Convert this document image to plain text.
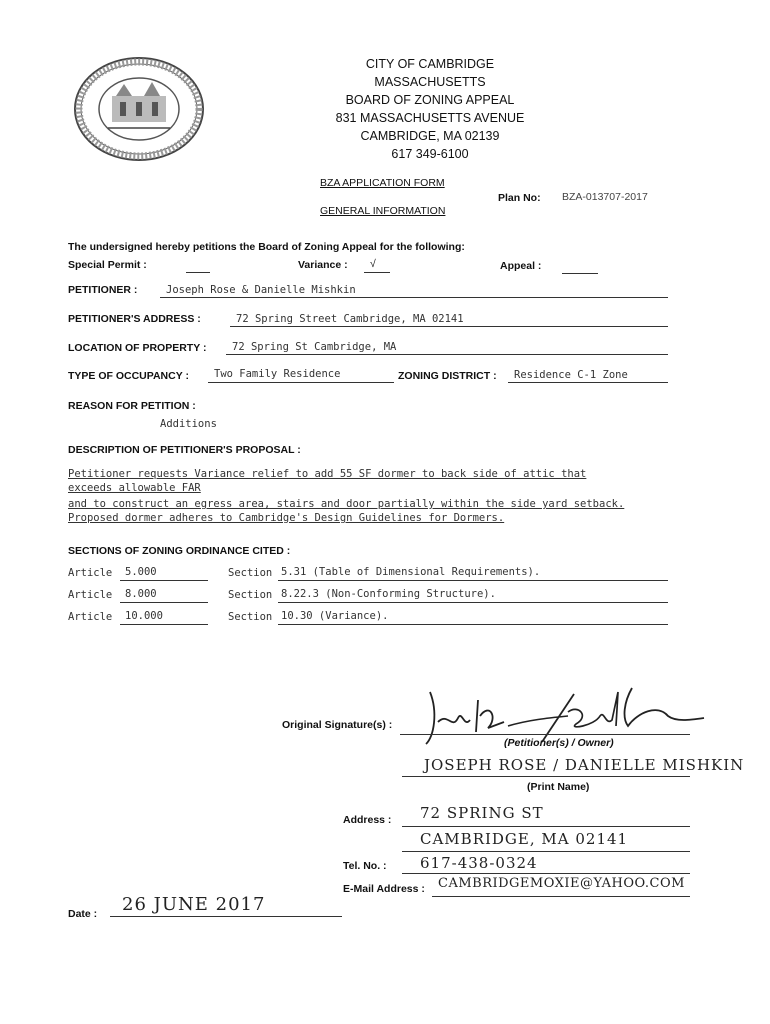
CITY OF CAMBRIDGE
MASSACHUSETTS
BOARD OF ZONING APPEAL
831 MASSACHUSETTS AVENUE
CAMBRIDGE, MA 02139
617 349-6100
BZA APPLICATION FORM
Plan No: BZA-013707-2017
GENERAL INFORMATION
The undersigned hereby petitions the Board of Zoning Appeal for the following:
Special Permit :	Variance : √	Appeal :
PETITIONER :	Joseph Rose & Danielle Mishkin
PETITIONER'S ADDRESS :	72 Spring Street Cambridge, MA 02141
LOCATION OF PROPERTY : 72 Spring St Cambridge, MA
TYPE OF OCCUPANCY : Two Family Residence	ZONING DISTRICT : Residence C-1 Zone
REASON FOR PETITION :
Additions
DESCRIPTION OF PETITIONER'S PROPOSAL :
Petitioner requests Variance relief to add 55 SF dormer to back side of attic that
exceeds allowable FAR
and to construct an egress area, stairs and door partially within the side yard setback.
Proposed dormer adheres to Cambridge's Design Guidelines for Dormers.
SECTIONS OF ZONING ORDINANCE CITED :
Article 5.000	Section 5.31 (Table of Dimensional Requirements).
Article 8.000	Section 8.22.3 (Non-Conforming Structure).
Article 10.000	Section 10.30 (Variance).
Original Signature(s) :
(Petitioner(s) / Owner)
JOSEPH ROSE / DANIELLE MISHKIN
(Print Name)
Address : 72 SPRING ST
CAMBRIDGE, MA 02141
Tel. No. : 617-438-0324
E-Mail Address : CAMBRIDGEMOXIE@YAHOO.COM
Date : 26 JUNE 2017
